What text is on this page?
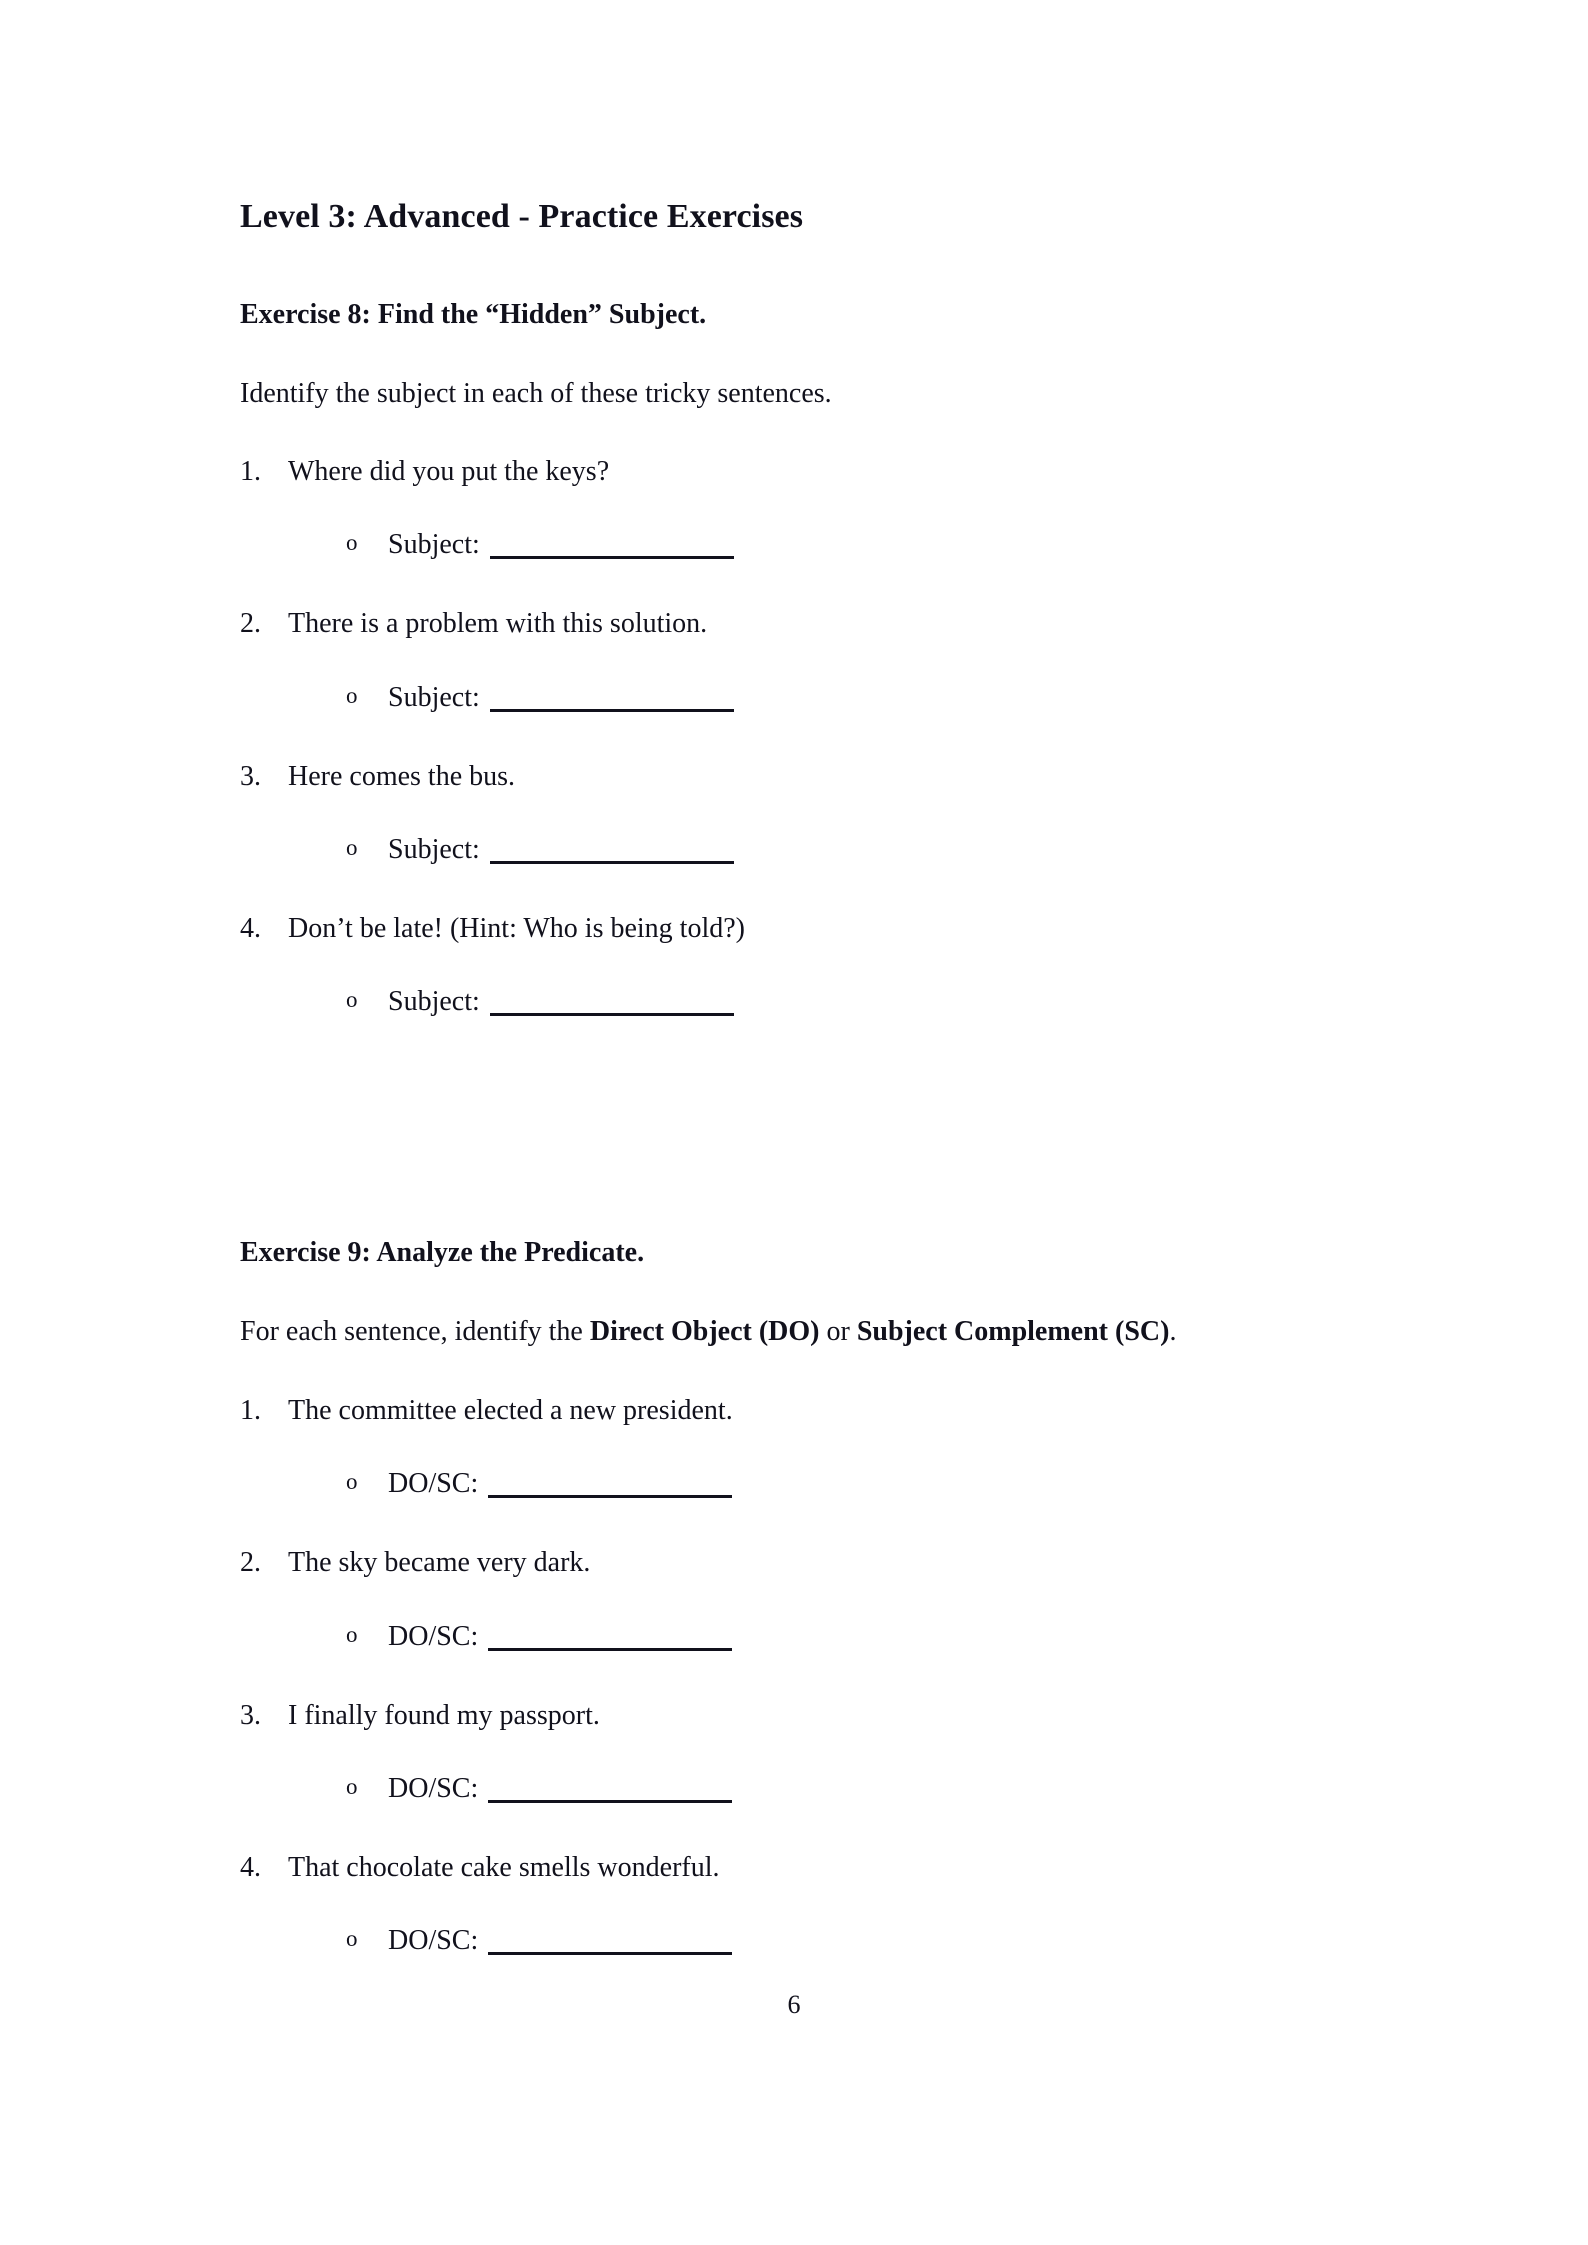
Level 3: Advanced - Practice Exercises
Exercise 8: Find the “Hidden” Subject.

Identify the subject in each of these tricky sentences.

1. Where did you put the keys?
o Subject:
2. There is a problem with this solution.
o Subject:
3. Here comes the bus.
o Subject:
4. Don’t be late! (Hint: Who is being told?)
o Subject:
Exercise 9: Analyze the Predicate.

For each sentence, identify the Direct Object (DO) or Subject Complement (SC).

1. The committee elected a new president.
o DO/SC:
2. The sky became very dark.
o DO/SC:
3. I finally found my passport.
o DO/SC:
4. That chocolate cake smells wonderful.
o DO/SC:
6
